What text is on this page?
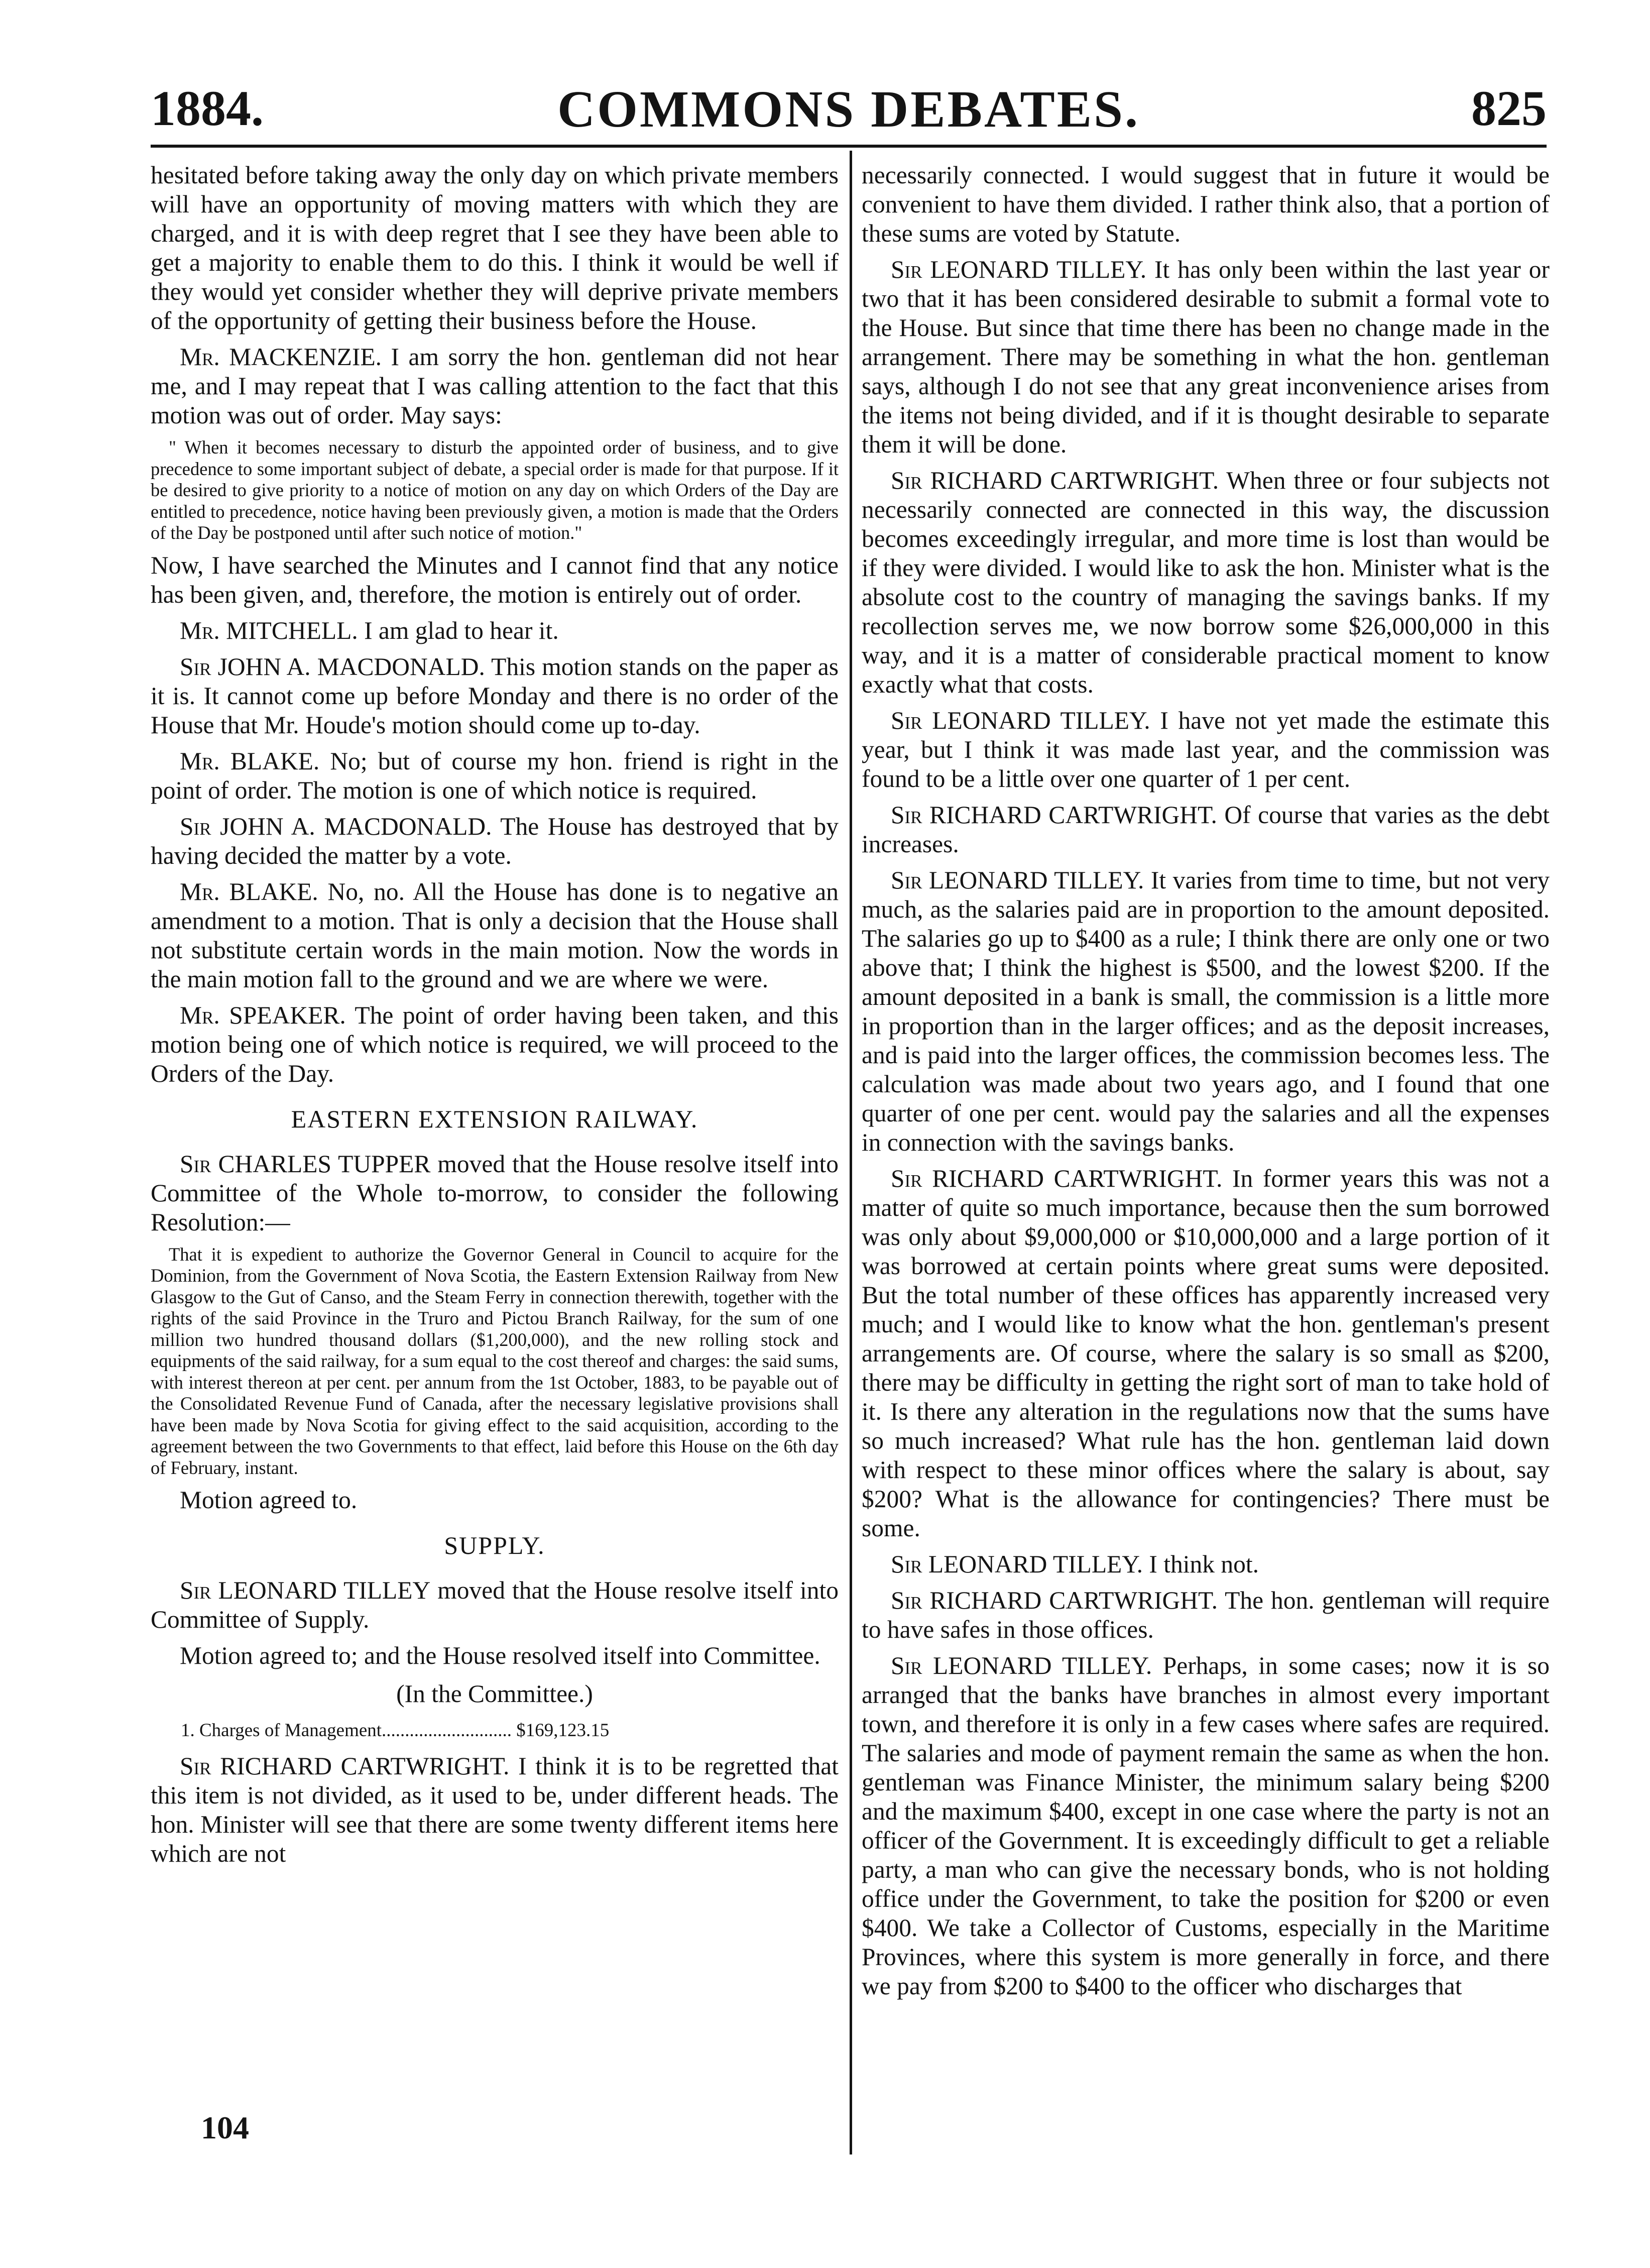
1884.	COMMONS DEBATES.	825

hesitated before taking away the only day on which private members will have an opportunity of moving matters with which they are charged, and it is with deep regret that I see they have been able to get a majority to enable them to do this. I think it would be well if they would yet consider whether they will deprive private members of the opportunity of getting their business before the House.

Mr. MACKENZIE. I am sorry the hon. gentleman did not hear me, and I may repeat that I was calling attention to the fact that this motion was out of order. May says:

" When it becomes necessary to disturb the appointed order of business, and to give precedence to some important subject of debate, a special order is made for that purpose. If it be desired to give priority to a notice of motion on any day on which Orders of the Day are entitled to precedence, notice having been previously given, a motion is made that the Orders of the Day be postponed until after such notice of motion."

Now, I have searched the Minutes and I cannot find that any notice has been given, and, therefore, the motion is entirely out of order.

Mr. MITCHELL. I am glad to hear it.

Sir JOHN A. MACDONALD. This motion stands on the paper as it is. It cannot come up before Monday and there is no order of the House that Mr. Houde's motion should come up to-day.

Mr. BLAKE. No; but of course my hon. friend is right in the point of order. The motion is one of which notice is required.

Sir JOHN A. MACDONALD. The House has destroyed that by having decided the matter by a vote.

Mr. BLAKE. No, no. All the House has done is to negative an amendment to a motion. That is only a decision that the House shall not substitute certain words in the main motion. Now the words in the main motion fall to the ground and we are where we were.

Mr. SPEAKER. The point of order having been taken, and this motion being one of which notice is required, we will proceed to the Orders of the Day.

EASTERN EXTENSION RAILWAY.

Sir CHARLES TUPPER moved that the House resolve itself into Committee of the Whole to-morrow, to consider the following Resolution:—

That it is expedient to authorize the Governor General in Council to acquire for the Dominion, from the Government of Nova Scotia, the Eastern Extension Railway from New Glasgow to the Gut of Canso, and the Steam Ferry in connection therewith, together with the rights of the said Province in the Truro and Pictou Branch Railway, for the sum of one million two hundred thousand dollars ($1,200,000), and the new rolling stock and equipments of the said railway, for a sum equal to the cost thereof and charges: the said sums, with interest thereon at per cent. per annum from the 1st October, 1883, to be payable out of the Consolidated Revenue Fund of Canada, after the necessary legislative provisions shall have been made by Nova Scotia for giving effect to the said acquisition, according to the agreement between the two Governments to that effect, laid before this House on the 6th day of February, instant.

Motion agreed to.

SUPPLY.

Sir LEONARD TILLEY moved that the House resolve itself into Committee of Supply.

Motion agreed to; and the House resolved itself into Committee.

(In the Committee.)

1. Charges of Management............................ $169,123.15

Sir RICHARD CARTWRIGHT. I think it is to be regretted that this item is not divided, as it used to be, under different heads. The hon. Minister will see that there are some twenty different items here which are not

104

necessarily connected. I would suggest that in future it would be convenient to have them divided. I rather think also, that a portion of these sums are voted by Statute.

Sir LEONARD TILLEY. It has only been within the last year or two that it has been considered desirable to submit a formal vote to the House. But since that time there has been no change made in the arrangement. There may be something in what the hon. gentleman says, although I do not see that any great inconvenience arises from the items not being divided, and if it is thought desirable to separate them it will be done.

Sir RICHARD CARTWRIGHT. When three or four subjects not necessarily connected are connected in this way, the discussion becomes exceedingly irregular, and more time is lost than would be if they were divided. I would like to ask the hon. Minister what is the absolute cost to the country of managing the savings banks. If my recollection serves me, we now borrow some $26,000,000 in this way, and it is a matter of considerable practical moment to know exactly what that costs.

Sir LEONARD TILLEY. I have not yet made the estimate this year, but I think it was made last year, and the commission was found to be a little over one quarter of 1 per cent.

Sir RICHARD CARTWRIGHT. Of course that varies as the debt increases.

Sir LEONARD TILLEY. It varies from time to time, but not very much, as the salaries paid are in proportion to the amount deposited. The salaries go up to $400 as a rule; I think there are only one or two above that; I think the highest is $500, and the lowest $200. If the amount deposited in a bank is small, the commission is a little more in proportion than in the larger offices; and as the deposit increases, and is paid into the larger offices, the commission becomes less. The calculation was made about two years ago, and I found that one quarter of one per cent. would pay the salaries and all the expenses in connection with the savings banks.

Sir RICHARD CARTWRIGHT. In former years this was not a matter of quite so much importance, because then the sum borrowed was only about $9,000,000 or $10,000,000 and a large portion of it was borrowed at certain points where great sums were deposited. But the total number of these offices has apparently increased very much; and I would like to know what the hon. gentleman's present arrangements are. Of course, where the salary is so small as $200, there may be difficulty in getting the right sort of man to take hold of it. Is there any alteration in the regulations now that the sums have so much increased? What rule has the hon. gentleman laid down with respect to these minor offices where the salary is about, say $200? What is the allowance for contingencies? There must be some.

Sir LEONARD TILLEY. I think not.

Sir RICHARD CARTWRIGHT. The hon. gentleman will require to have safes in those offices.

Sir LEONARD TILLEY. Perhaps, in some cases; now it is so arranged that the banks have branches in almost every important town, and therefore it is only in a few cases where safes are required. The salaries and mode of payment remain the same as when the hon. gentleman was Finance Minister, the minimum salary being $200 and the maximum $400, except in one case where the party is not an officer of the Government. It is exceedingly difficult to get a reliable party, a man who can give the necessary bonds, who is not holding office under the Government, to take the position for $200 or even $400. We take a Collector of Customs, especially in the Maritime Provinces, where this system is more generally in force, and there we pay from $200 to $400 to the officer who discharges that
